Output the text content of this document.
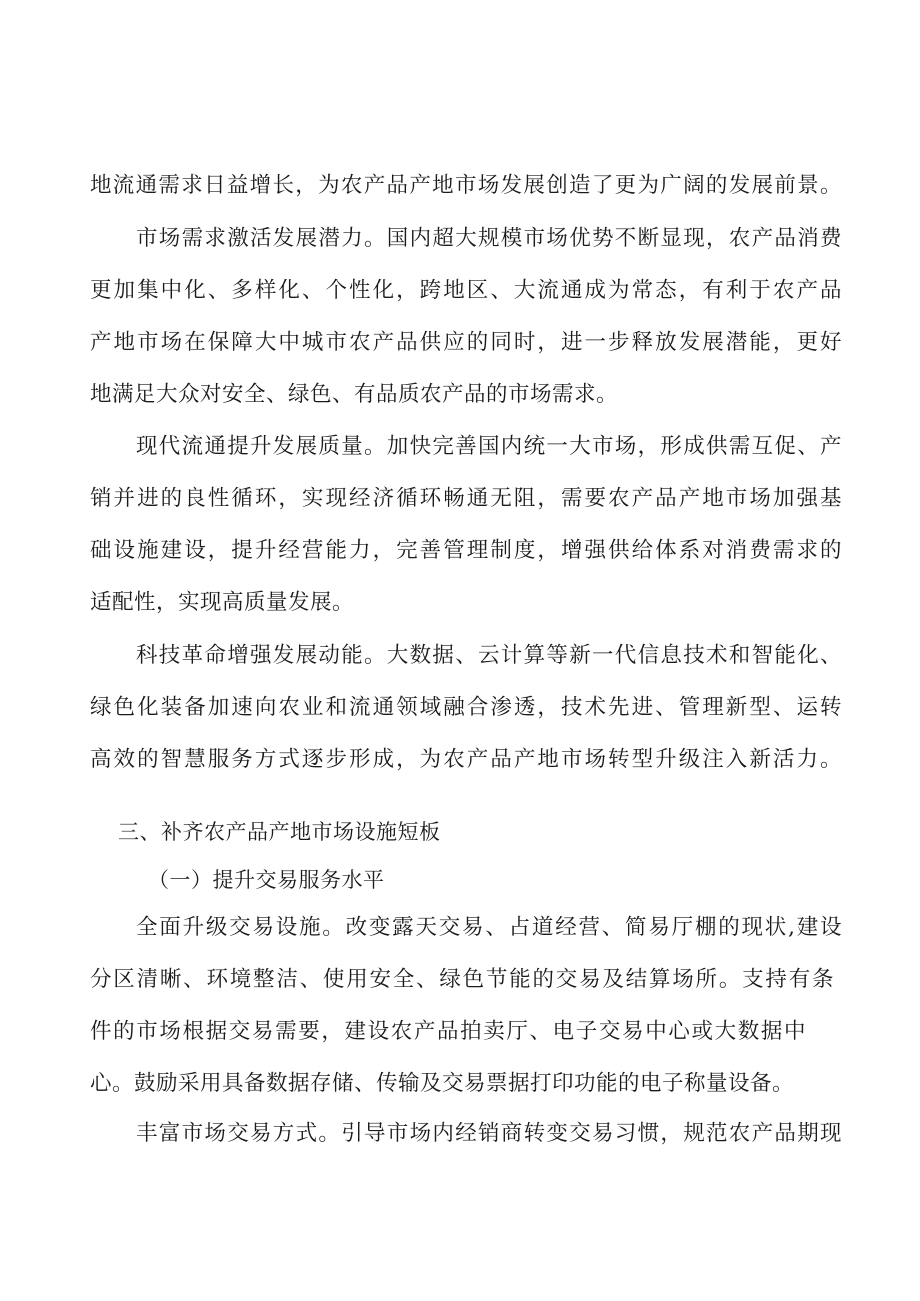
地流通需求日益增长，为农产品产地市场发展创造了更为广阔的发展前景。
市场需求激活发展潜力。国内超大规模市场优势不断显现，农产品消费
更加集中化、多样化、个性化，跨地区、大流通成为常态，有利于农产品
产地市场在保障大中城市农产品供应的同时，进一步释放发展潜能，更好
地满足大众对安全、绿色、有品质农产品的市场需求。
现代流通提升发展质量。加快完善国内统一大市场，形成供需互促、产
销并进的良性循环，实现经济循环畅通无阻，需要农产品产地市场加强基
础设施建设，提升经营能力，完善管理制度，增强供给体系对消费需求的
适配性，实现高质量发展。
科技革命增强发展动能。大数据、云计算等新一代信息技术和智能化、
绿色化装备加速向农业和流通领域融合渗透，技术先进、管理新型、运转
高效的智慧服务方式逐步形成，为农产品产地市场转型升级注入新活力。
三、补齐农产品产地市场设施短板
（一）提升交易服务水平
全面升级交易设施。改变露天交易、占道经营、简易厅棚的现状,建设
分区清晰、环境整洁、使用安全、绿色节能的交易及结算场所。支持有条
件的市场根据交易需要，建设农产品拍卖厅、电子交易中心或大数据中
心。鼓励采用具备数据存储、传输及交易票据打印功能的电子称量设备。
丰富市场交易方式。引导市场内经销商转变交易习惯，规范农产品期现
